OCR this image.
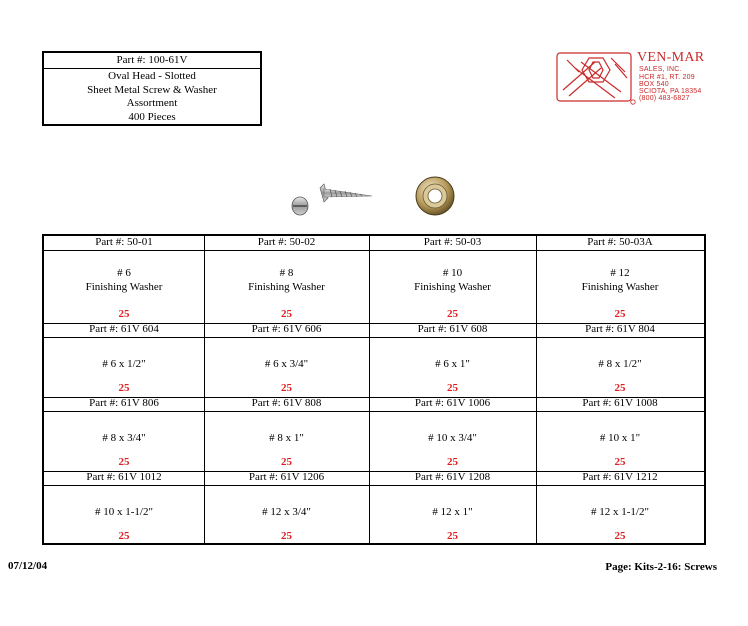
Part #: 100-61V
Oval Head - Slotted
Sheet Metal Screw & Washer
Assortment
400 Pieces
VEN-MAR
SALES, INC.
HCR #1, RT. 209
BOX 540
SCIOTA, PA 18354
(800) 483-6827
Part #: 50-01
# 6
Finishing Washer
25
Part #: 50-02
# 8
Finishing Washer
25
Part #: 50-03
# 10
Finishing Washer
25
Part #: 50-03A
# 12
Finishing Washer
25
Part #: 61V 604
# 6 x 1/2"
25
Part #: 61V 606
# 6 x 3/4"
25
Part #: 61V 608
# 6 x 1"
25
Part #: 61V 804
# 8 x 1/2"
25
Part #: 61V 806
# 8 x 3/4"
25
Part #: 61V 808
# 8 x 1"
25
Part #: 61V 1006
# 10 x 3/4"
25
Part #: 61V 1008
# 10 x 1"
25
Part #: 61V 1012
# 10 x 1-1/2"
25
Part #: 61V 1206
# 12 x 3/4"
25
Part #: 61V 1208
# 12 x 1"
25
Part #: 61V 1212
# 12 x 1-1/2"
25
07/12/04	Page: Kits-2-16: Screws
